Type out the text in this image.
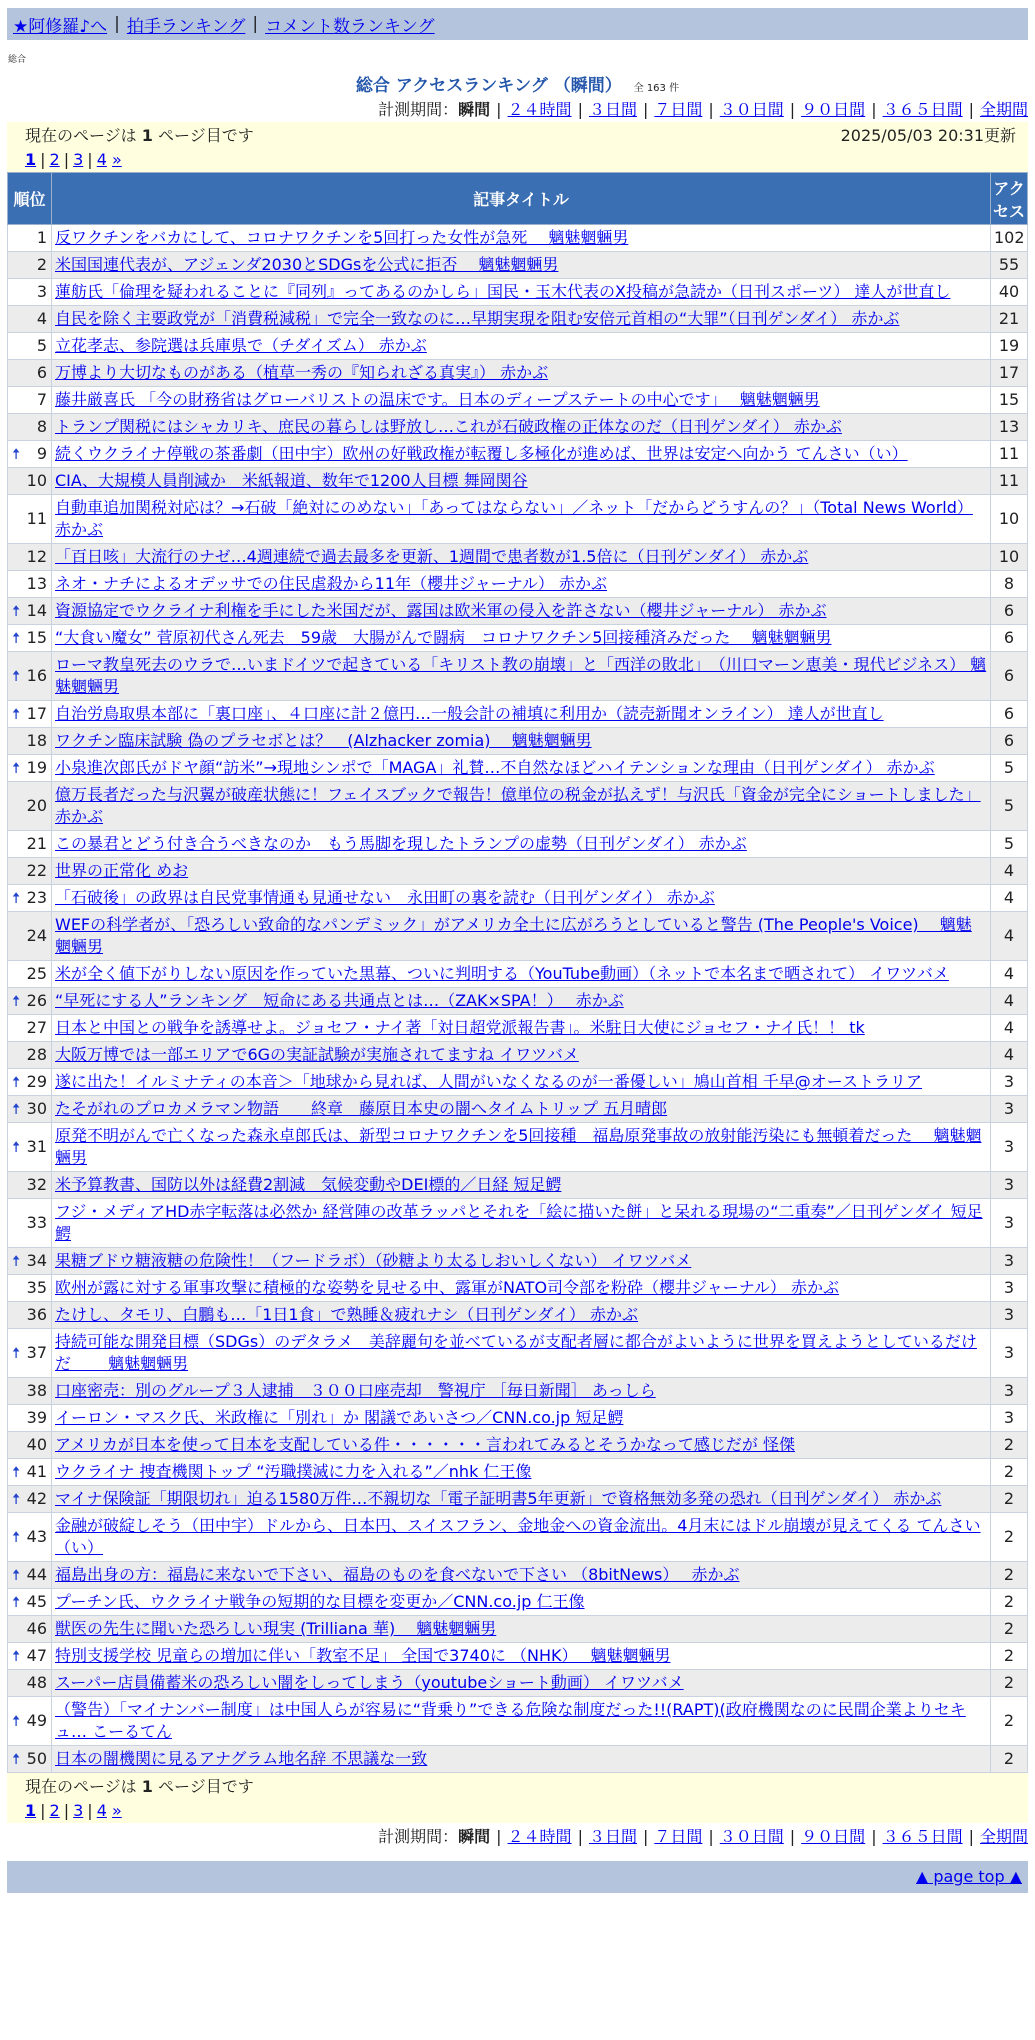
★阿修羅♪へ | 拍手ランキング | コメント数ランキング
総合
総合 アクセスランキング （瞬間） 全 163 件
計測期間：瞬間 | ２４時間 | ３日間 | ７日間 | ３０日間 | ９０日間 | ３６５日間 | 全期間
現在のページは 1 ページ目です	2025/05/03 20:31更新
1 | 2 | 3 | 4 »
順位	記事タイトル	アクセス
1	反ワクチンをバカにして、コロナワクチンを5回打った女性が急死　 魑魅魍魎男	102
2	米国国連代表が、アジェンダ2030とSDGsを公式に拒否　 魑魅魍魎男	55
3	蓮舫氏「倫理を疑われることに『同列』ってあるのかしら」国民・玉木代表のX投稿が急読か（日刊スポーツ） 達人が世直し	40
4	自民を除く主要政党が「消費税減税」で完全一致なのに…早期実現を阻む安倍元首相の“大罪”（日刊ゲンダイ） 赤かぶ	21
5	立花孝志、参院選は兵庫県で（チダイズム） 赤かぶ	19
6	万博より大切なものがある（植草一秀の『知られざる真実』） 赤かぶ	17
7	藤井厳喜氏 「今の財務省はグローバリストの温床です。日本のディープステートの中心です」　 魑魅魍魎男	15
8	トランプ関税にはシャカリキ、庶民の暮らしは野放し…これが石破政権の正体なのだ（日刊ゲンダイ） 赤かぶ	13

🠅 9	続くウクライナ停戦の茶番劇（田中宇）欧州の好戦政権が転覆し多極化が進めば、世界は安定へ向かう てんさい（い）	11
10	CIA、大規模人員削減か　米紙報道、数年で1200人目標 舞岡関谷	11
11	自動車追加関税対応は？→石破「絶対にのめない」「あってはならない」／ネット「だからどうすんの？」（Total News World） 赤かぶ	10
12	「百日咳」大流行のナゼ…4週連続で過去最多を更新、1週間で患者数が1.5倍に（日刊ゲンダイ） 赤かぶ	10
13	ネオ・ナチによるオデッサでの住民虐殺から11年（櫻井ジャーナル） 赤かぶ	8

🠅 14	資源協定でウクライナ利権を手にした米国だが、露国は欧米軍の侵入を許さない（櫻井ジャーナル） 赤かぶ	6

🠅 15	“大食い魔女” 菅原初代さん死去　59歳　大腸がんで闘病　コロナワクチン5回接種済みだった　 魑魅魍魎男	6

🠅 16	ローマ教皇死去のウラで…いまドイツで起きている「キリスト教の崩壊」と「西洋の敗北」　（川口マーン恵美・現代ビジネス） 魑魅魍魎男	6

🠅 17	自治労鳥取県本部に「裏口座」、４口座に計２億円…一般会計の補填に利用か（読売新聞オンライン） 達人が世直し	6
18	ワクチン臨床試験 偽のプラセボとは？　(Alzhacker zomia)　 魑魅魍魎男	6

🠅 19	小泉進次郎氏がドヤ顔“訪米”→現地シンポで「MAGA」礼賛…不自然なほどハイテンションな理由（日刊ゲンダイ） 赤かぶ	5
20	億万長者だった与沢翼が破産状態に！フェイスブックで報告！億単位の税金が払えず！与沢氏「資金が完全にショートしました」 赤かぶ	5
21	この暴君とどう付き合うべきなのか　もう馬脚を現したトランプの虚勢（日刊ゲンダイ） 赤かぶ	5
22	世界の正常化 めお	4

🠅 23	「石破後」の政界は自民党事情通も見通せない　永田町の裏を読む（日刊ゲンダイ） 赤かぶ	4
24	WEFの科学者が、「恐ろしい致命的なパンデミック」がアメリカ全土に広がろうとしていると警告 (The People's Voice)　 魑魅魍魎男	4
25	米が全く値下がりしない原因を作っていた黒幕、ついに判明する（YouTube動画）（ネットで本名まで晒されて） イワツバメ	4

🠅 26	“早死にする人”ランキング　短命にある共通点とは…（ZAK×SPA！）　 赤かぶ	4
27	日本と中国との戦争を誘導せよ。ジョセフ・ナイ著「対日超党派報告書」。米駐日大使にジョセフ・ナイ氏！！ tk	4
28	大阪万博では一部エリアで6Gの実証試験が実施されてますね イワツバメ	4

🠅 29	遂に出た！イルミナティの本音＞「地球から見れば、人間がいなくなるのが一番優しい」鳩山首相 千早@オーストラリア	3

🠅 30	たそがれのプロカメラマン物語　　終章　藤原日本史の闇へタイムトリップ 五月晴郎	3

🠅 31	原発不明がんで亡くなった森永卓郎氏は、新型コロナワクチンを5回接種　福島原発事故の放射能汚染にも無頓着だった　 魑魅魍魎男	3
32	米予算教書、国防以外は経費2割減　気候変動やDEI標的／日経 短足鰐	3
33	フジ・メディアHD赤字転落は必然か 経営陣の改革ラッパとそれを「絵に描いた餅」と呆れる現場の“二重奏”／日刊ゲンダイ 短足鰐	3

🠅 34	果糖ブドウ糖液糖の危険性！（フードラボ）（砂糖より太るしおいしくない） イワツバメ	3
35	欧州が露に対する軍事攻撃に積極的な姿勢を見せる中、露軍がNATO司令部を粉砕（櫻井ジャーナル） 赤かぶ	3
36	たけし、タモリ、白鵬も…「1日1食」で熟睡＆疲れナシ（日刊ゲンダイ） 赤かぶ	3

🠅 37	持続可能な開発目標（SDGs）のデタラメ　美辞麗句を並べているが支配者層に都合がよいように世界を買えようとしているだけだ　　 魑魅魍魎男	3
38	口座密売：別のグループ３人逮捕　３００口座売却　警視庁 ［毎日新聞］ あっしら	3
39	イーロン・マスク氏、米政権に「別れ」か 閣議であいさつ／CNN.co.jp 短足鰐	3
40	アメリカが日本を使って日本を支配している件・・・・・・言われてみるとそうかなって感じだが 怪傑	2

🠅 41	ウクライナ 捜査機関トップ “汚職撲滅に力を入れる”／nhk 仁王像	2

🠅 42	マイナ保険証「期限切れ」迫る1580万件…不親切な「電子証明書5年更新」で資格無効多発の恐れ（日刊ゲンダイ） 赤かぶ	2

🠅 43	金融が破綻しそう（田中宇）ドルから、日本円、スイスフラン、金地金への資金流出。4月末にはドル崩壊が見えてくる てんさい（い）	2

🠅 44	福島出身の方：福島に来ないで下さい、福島のものを食べないで下さい （8bitNews）　 赤かぶ	2

🠅 45	プーチン氏、ウクライナ戦争の短期的な目標を変更か／CNN.co.jp 仁王像	2
46	獣医の先生に聞いた恐ろしい現実 (Trilliana 華)　 魑魅魍魎男	2

🠅 47	特別支援学校 児童らの増加に伴い「教室不足」 全国で3740に （NHK）　 魑魅魍魎男	2
48	スーパー店員備蓄米の恐ろしい闇をしってしまう（youtubeショート動画） イワツバメ	2

🠅 49	（警告）「マイナンバー制度」は中国人らが容易に“背乗り”できる危険な制度だった!!(RAPT)(政府機関なのに民間企業よりセキュ… こーるてん	2

🠅 50	日本の闇機関に見るアナグラム地名辞 不思議な一致	2
現在のページは 1 ページ目です
1 | 2 | 3 | 4 »
計測期間：瞬間 | ２４時間 | ３日間 | ７日間 | ３０日間 | ９０日間 | ３６５日間 | 全期間
▲ page top ▲
